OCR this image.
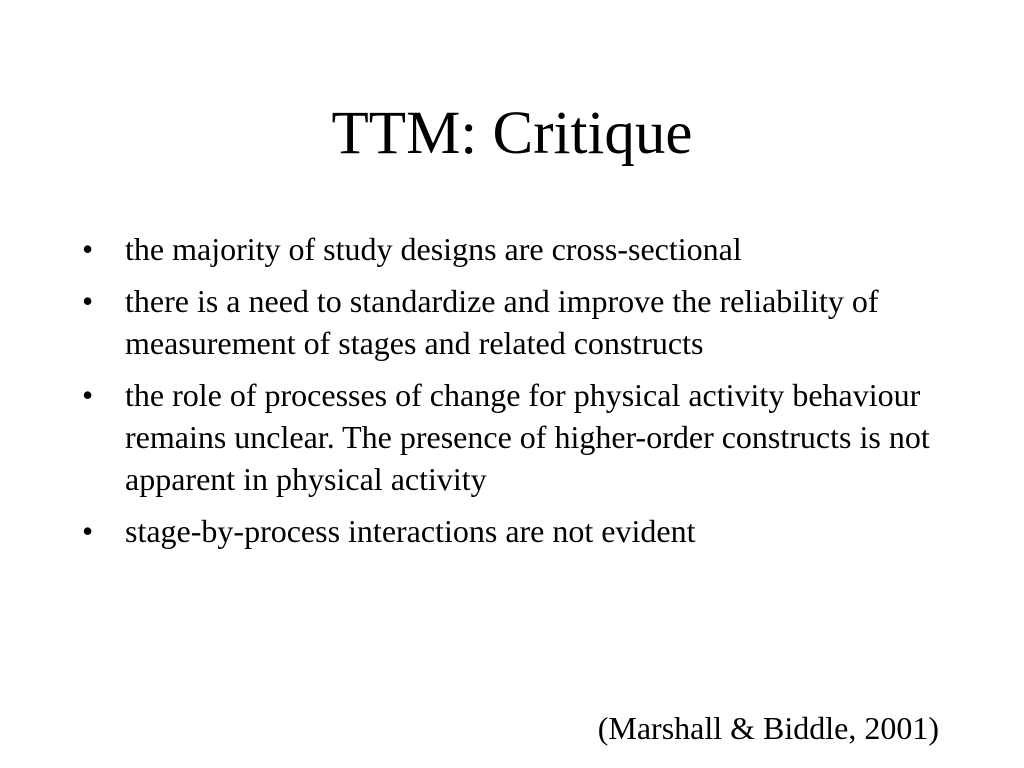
TTM: Critique
• the majority of study designs are cross-sectional
• there is a need to standardize and improve the reliability of measurement of stages and related constructs
• the role of processes of change for physical activity behaviour remains unclear. The presence of higher-order constructs is not apparent in physical activity
• stage-by-process interactions are not evident
(Marshall & Biddle, 2001)
